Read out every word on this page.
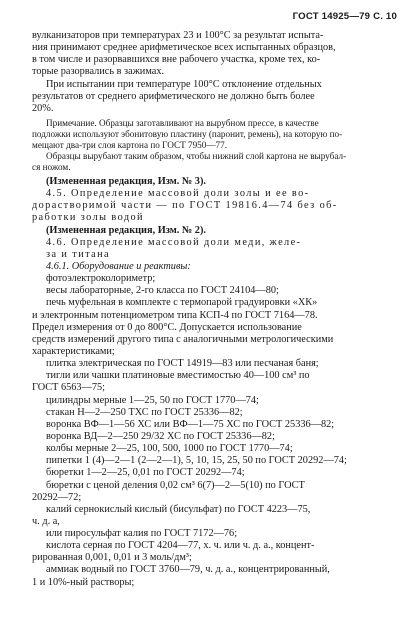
ГОСТ 14925—79 С. 10
вулканизаторов при температурах 23 и 100°C за результат испыта-
ния принимают среднее арифметическое всех испытанных образцов,
в том числе и разорвавшихся вне рабочего участка, кроме тех, ко-
торые разорвались в зажимах.
При испытании при температуре 100°C отклонение отдельных
результатов от среднего арифметического не должно быть более
20%.
Примечание. Образцы заготавливают на вырубном прессе, в качестве
подложки используют эбонитовую пластину (паронит, ремень), на которую по-
мещают два-три слоя картона по ГОСТ 7950—77.
Образцы вырубают таким образом, чтобы нижний слой картона не вырубал-
ся ножом.
(Измененная редакция, Изм. № 3).
4.5. Определение массовой доли золы и ее во-
дорастворимой части — по ГОСТ 19816.4—74 без об-
работки золы водой
(Измененная редакция, Изм. № 2).
4.6. Определение массовой доли меди, желе-
за и титана
4.6.1. Оборудование и реактивы:
фотоэлектроколориметр;
весы лабораторные, 2-го класса по ГОСТ 24104—80;
печь муфельная в комплекте с термопарой градуировки «ХК»
и электронным потенциометром типа КСП-4 по ГОСТ 7164—78.
Предел измерения от 0 до 800°C. Допускается использование
средств измерений другого типа с аналогичными метрологическими
характеристиками;
плитка электрическая по ГОСТ 14919—83 или песчаная баня;
тигли или чашки платиновые вместимостью 40—100 см³ по
ГОСТ 6563—75;
цилиндры мерные 1—25, 50 по ГОСТ 1770—74;
стакан Н—2—250 ТХС по ГОСТ 25336—82;
воронка ВФ—1—56 ХС или ВФ—1—75 ХС по ГОСТ 25336—82;
воронка ВД—2—250 29/32 ХС по ГОСТ 25336—82;
колбы мерные 2—25, 100, 500, 1000 по ГОСТ 1770—74;
пипетки 1 (4)—2—1 (2—2—1), 5, 10, 15, 25, 50 по ГОСТ 20292—74;
бюретки 1—2—25, 0,01 по ГОСТ 20292—74;
бюретки с ценой деления 0,02 см³ 6(7)—2—5(10) по ГОСТ
20292—72;
калий сернокислый кислый (бисульфат) по ГОСТ 4223—75,
ч. д. а,
или пиросульфат калия по ГОСТ 7172—76;
кислота серная по ГОСТ 4204—77, х. ч. или ч. д. а., концент-
рированная 0,001, 0,01 и 3 моль/дм³;
аммиак водный по ГОСТ 3760—79, ч. д. а., концентрированный,
1 и 10%-ный растворы;
